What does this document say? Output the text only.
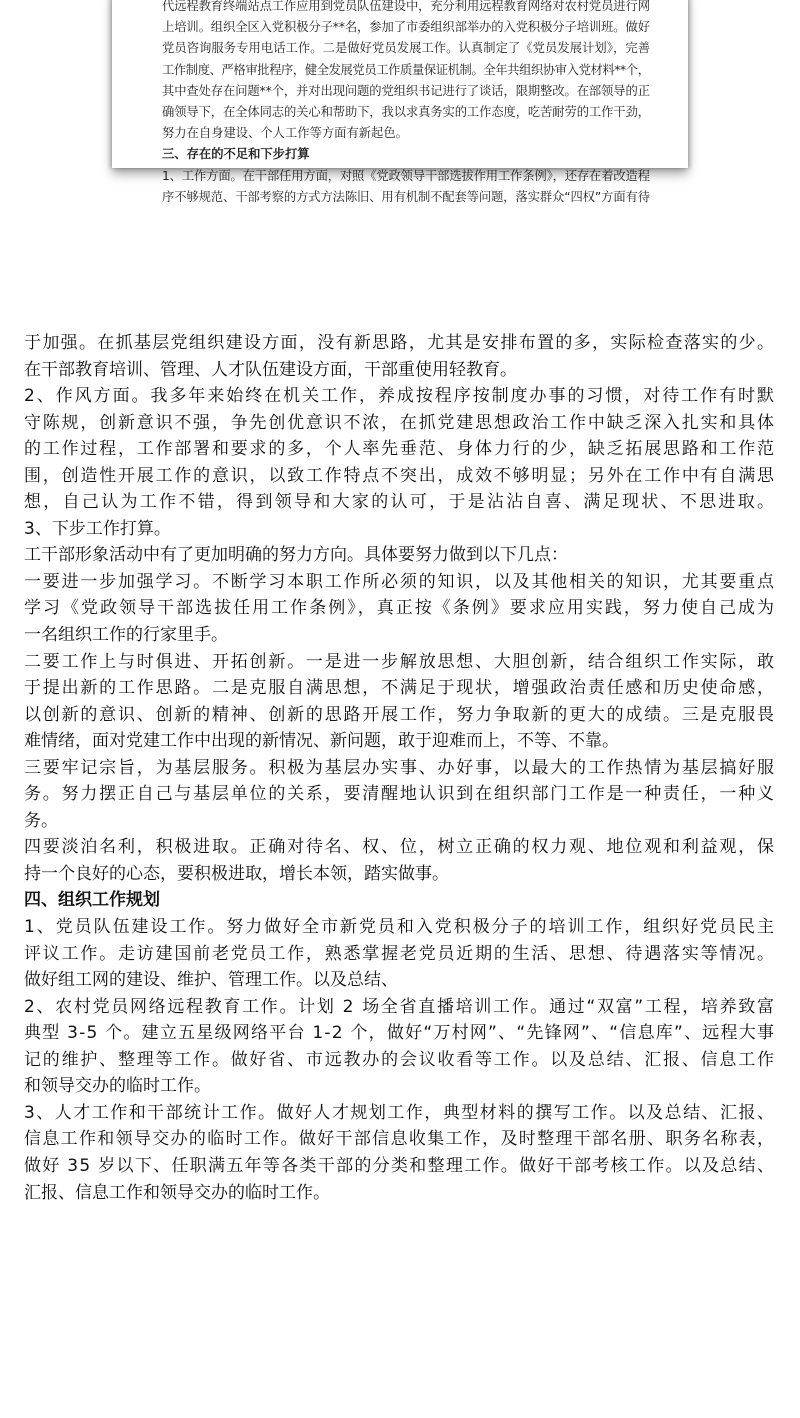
代远程教育终端站点工作应用到党员队伍建设中，充分利用远程教育网络对农村党员进行网
上培训。组织全区入党积极分子**名，参加了市委组织部举办的入党积极分子培训班。做好
党员咨询服务专用电话工作。二是做好党员发展工作。认真制定了《党员发展计划》，完善
工作制度、严格审批程序，健全发展党员工作质量保证机制。全年共组织协审入党材料**个，
其中查处存在问题**个，并对出现问题的党组织书记进行了谈话，限期整改。在部领导的正
确领导下，在全体同志的关心和帮助下，我以求真务实的工作态度，吃苦耐劳的工作干劲，
努力在自身建设、个人工作等方面有新起色。
三、存在的不足和下步打算
1、工作方面。在干部任用方面，对照《党政领导干部选拔作用工作条例》，还存在着改造程
序不够规范、干部考察的方式方法陈旧、用有机制不配套等问题，落实群众“四权”方面有待
于加强。在抓基层党组织建设方面，没有新思路，尤其是安排布置的多，实际检查落实的少。
在干部教育培训、管理、人才队伍建设方面，干部重使用轻教育。
2、作风方面。我多年来始终在机关工作，养成按程序按制度办事的习惯，对待工作有时默
守陈规，创新意识不强，争先创优意识不浓，在抓党建思想政治工作中缺乏深入扎实和具体
的工作过程，工作部署和要求的多，个人率先垂范、身体力行的少，缺乏拓展思路和工作范
围，创造性开展工作的意识，以致工作特点不突出，成效不够明显；另外在工作中有自满思
想，自己认为工作不错，得到领导和大家的认可，于是沾沾自喜、满足现状、不思进取。
3、下步工作打算。
工干部形象活动中有了更加明确的努力方向。具体要努力做到以下几点：
一要进一步加强学习。不断学习本职工作所必须的知识，以及其他相关的知识，尤其要重点
学习《党政领导干部选拔任用工作条例》，真正按《条例》要求应用实践，努力使自己成为
一名组织工作的行家里手。
二要工作上与时俱进、开拓创新。一是进一步解放思想、大胆创新，结合组织工作实际，敢
于提出新的工作思路。二是克服自满思想，不满足于现状，增强政治责任感和历史使命感，
以创新的意识、创新的精神、创新的思路开展工作，努力争取新的更大的成绩。三是克服畏
难情绪，面对党建工作中出现的新情况、新问题，敢于迎难而上，不等、不靠。
三要牢记宗旨，为基层服务。积极为基层办实事、办好事，以最大的工作热情为基层搞好服
务。努力摆正自己与基层单位的关系，要清醒地认识到在组织部门工作是一种责任，一种义
务。
四要淡泊名利，积极进取。正确对待名、权、位，树立正确的权力观、地位观和利益观，保
持一个良好的心态，要积极进取，增长本领，踏实做事。
四、组织工作规划
1、党员队伍建设工作。努力做好全市新党员和入党积极分子的培训工作，组织好党员民主
评议工作。走访建国前老党员工作，熟悉掌握老党员近期的生活、思想、待遇落实等情况。
做好组工网的建设、维护、管理工作。以及总结、
2、农村党员网络远程教育工作。计划 2 场全省直播培训工作。通过“双富”工程，培养致富
典型 3-5 个。建立五星级网络平台 1-2 个，做好“万村网”、“先锋网”、“信息库”、远程大事
记的维护、整理等工作。做好省、市远教办的会议收看等工作。以及总结、汇报、信息工作
和领导交办的临时工作。
3、人才工作和干部统计工作。做好人才规划工作，典型材料的撰写工作。以及总结、汇报、
信息工作和领导交办的临时工作。做好干部信息收集工作，及时整理干部名册、职务名称表，
做好 35 岁以下、任职满五年等各类干部的分类和整理工作。做好干部考核工作。以及总结、
汇报、信息工作和领导交办的临时工作。
